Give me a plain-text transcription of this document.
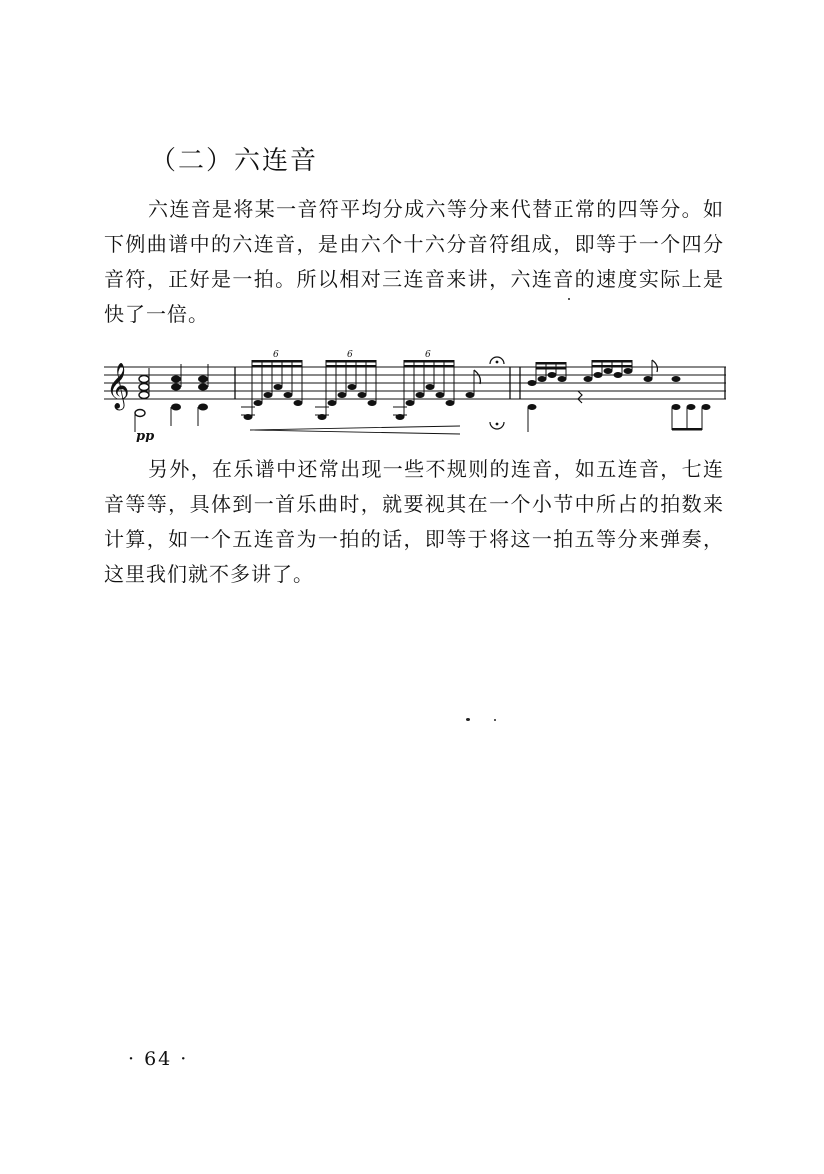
（二）六连音

六连音是将某一音符平均分成六等分来代替正常的四等分。如下例曲谱中的六连音，是由六个十六分音符组成，即等于一个四分音符，正好是一拍。所以相对三连音来讲，六连音的速度实际上是快了一倍。

𝄞
6	6	6
pp

另外，在乐谱中还常出现一些不规则的连音，如五连音，七连音等等，具体到一首乐曲时，就要视其在一个小节中所占的拍数来计算，如一个五连音为一拍的话，即等于将这一拍五等分来弹奏，这里我们就不多讲了。

· 64 ·
